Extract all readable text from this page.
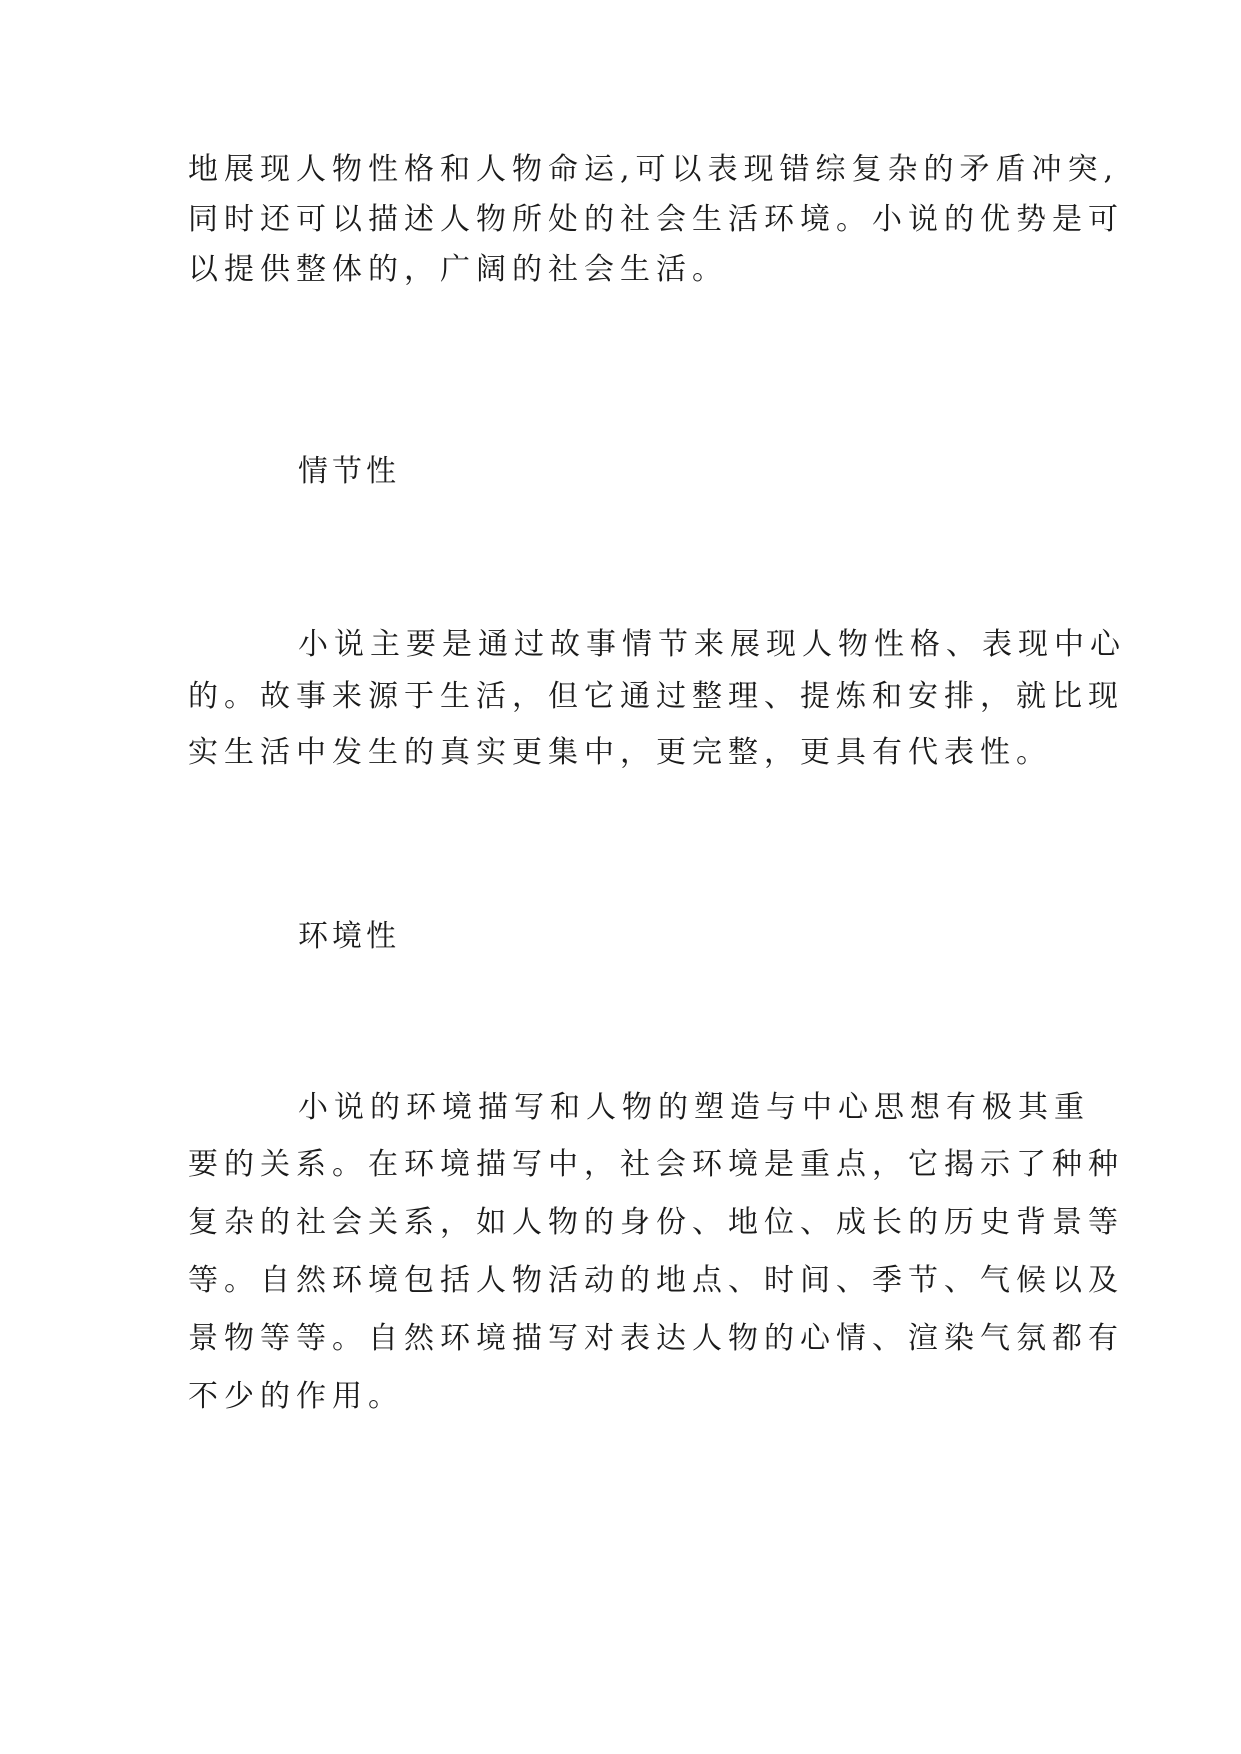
地展现人物性格和人物命运,可以表现错综复杂的矛盾冲突,
同时还可以描述人物所处的社会生活环境。小说的优势是可
以提供整体的，广阔的社会生活。
情节性
小说主要是通过故事情节来展现人物性格、表现中心
的。故事来源于生活，但它通过整理、提炼和安排，就比现
实生活中发生的真实更集中，更完整，更具有代表性。
环境性
小说的环境描写和人物的塑造与中心思想有极其重
要的关系。在环境描写中，社会环境是重点，它揭示了种种
复杂的社会关系，如人物的身份、地位、成长的历史背景等
等。自然环境包括人物活动的地点、时间、季节、气候以及
景物等等。自然环境描写对表达人物的心情、渲染气氛都有
不少的作用。
